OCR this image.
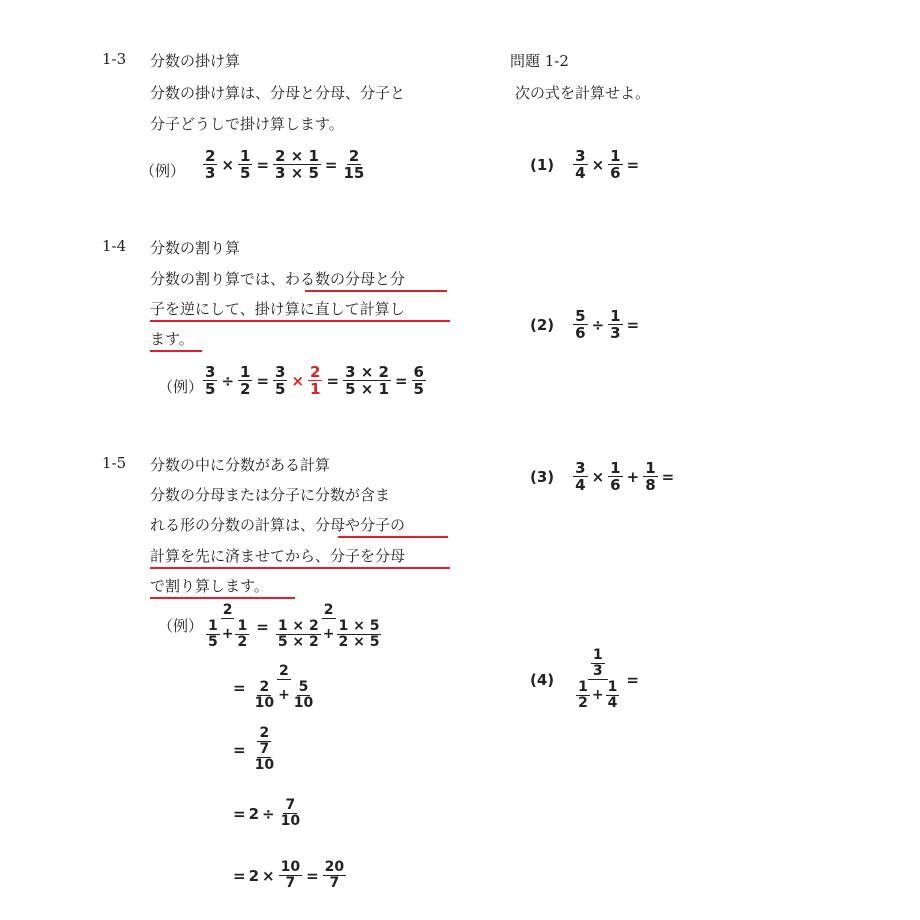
1-3 分数の掛け算
分数の掛け算は、分母と分母、分子と
分子どうしで掛け算します。
（例） $\frac{2}{3} \times \frac{1}{5} = \frac{2 \times 1}{3 \times 5} = \frac{2}{15}$
1-4 分数の割り算
分数の割り算では、わる数の分母と分
子を逆にして、掛け算に直して計算し
ます。
（例） $\frac{3}{5} \div \frac{1}{2} = \frac{3}{5} \times \frac{2}{1} = \frac{3 \times 2}{5 \times 1} = \frac{6}{5}$
1-5 分数の中に分数がある計算
分数の分母または分子に分数が含ま
れる形の分数の計算は、分母や分子の
計算を先に済ませてから、分子を分母
で割り算します。
（例） $\frac{2}{\frac{1}{5} + \frac{1}{2}} = \frac{2}{\frac{1 \times 2}{5 \times 2} + \frac{1 \times 5}{2 \times 5}}$
= $\frac{2}{\frac{2}{10} + \frac{5}{10}}$
= $\frac{2}{\frac{7}{10}}$
= $2 \div \frac{7}{10}$
= $2 \times \frac{10}{7} = \frac{20}{7}$
問題 1-2
次の式を計算せよ。
$(1) \frac{3}{4} \times \frac{1}{6}$ =
$(2) \frac{5}{6} \div \frac{1}{3}$ =
$(3) \frac{3}{4} \times \frac{1}{6} + \frac{1}{8}$ =
$(4) \frac{\frac{1}{3}}{\frac{1}{2} + \frac{1}{4}}$ =
